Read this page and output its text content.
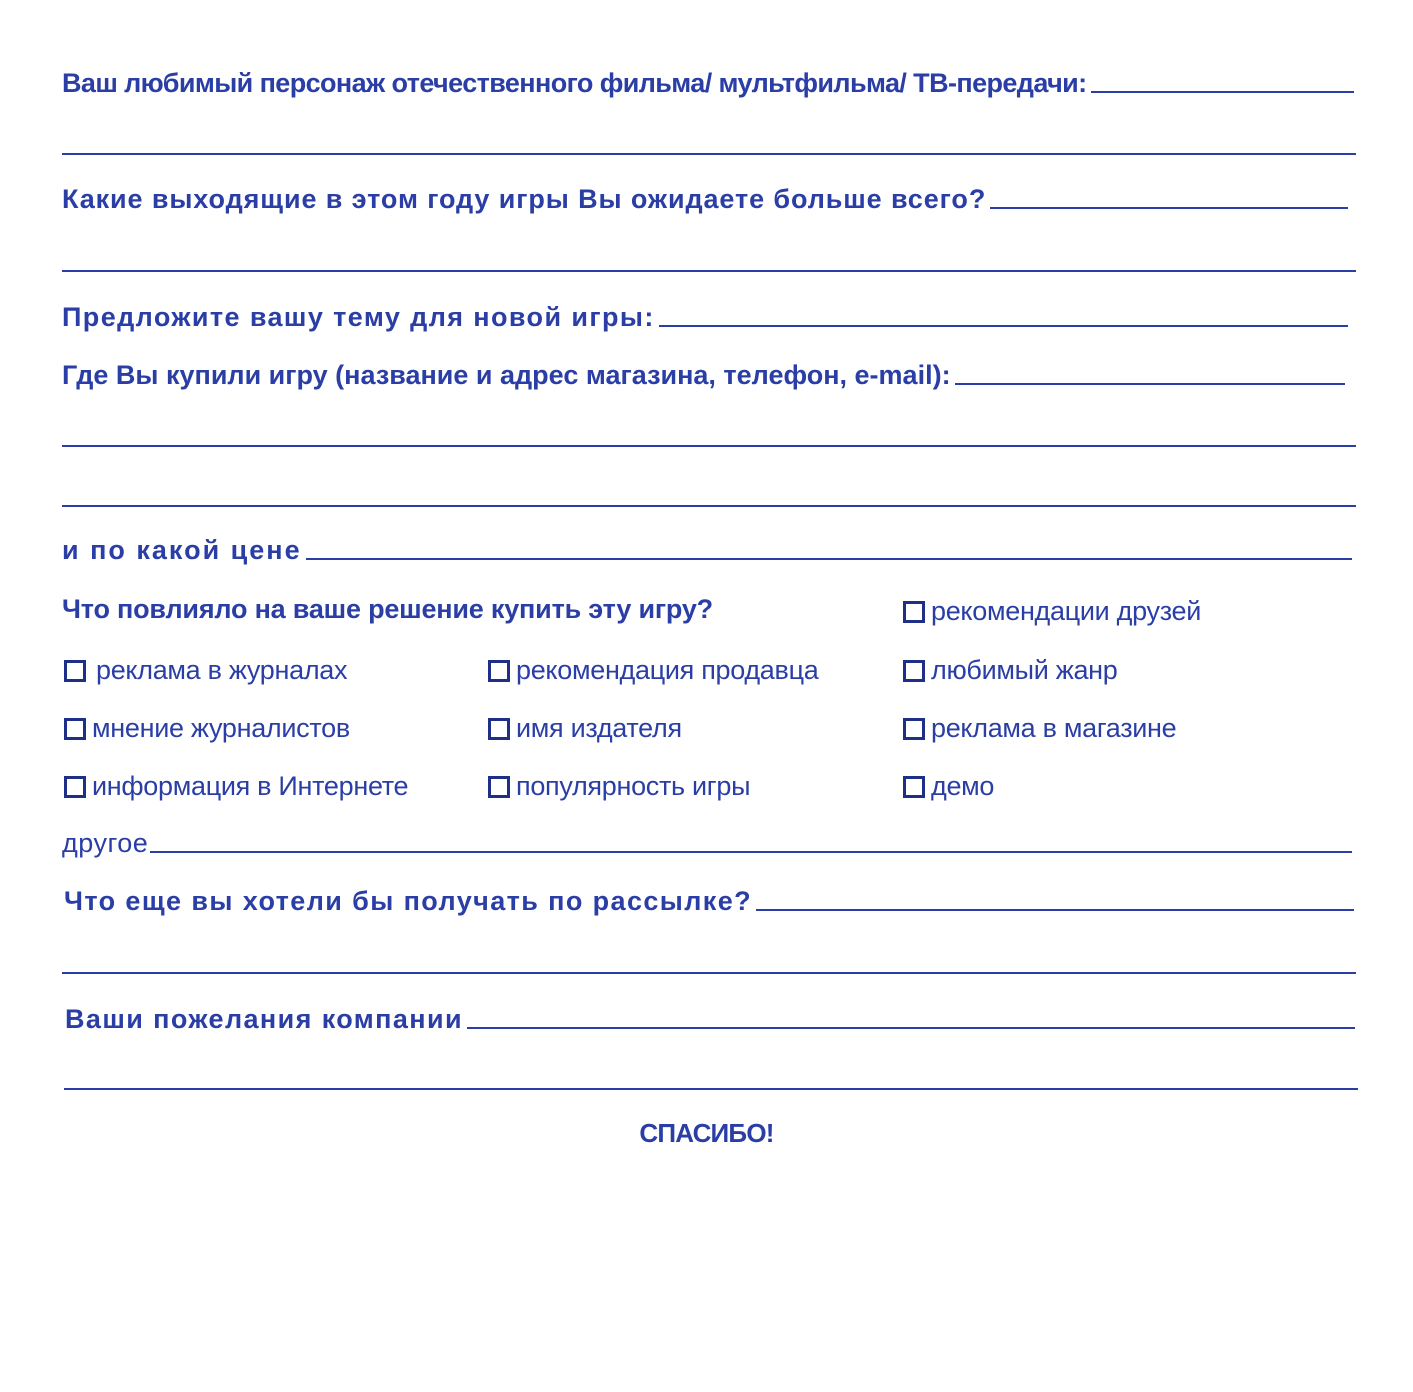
Ваш любимый персонаж отечественного фильма/ мультфильма/ ТВ-передачи:
Какие выходящие в этом году игры Вы ожидаете больше всего?
Предложите вашу тему для новой игры:
Где Вы купили игру (название и адрес магазина, телефон, e-mail):
и по какой цене
Что повлияло на ваше решение купить эту игру?	рекомендации друзей
реклама в журналах	рекомендация продавца	любимый жанр
мнение журналистов	имя издателя	реклама в магазине
информация в Интернете	популярность игры	демо
другое
Что еще вы хотели бы получать по рассылке?
Ваши пожелания компании
СПАСИБО!
